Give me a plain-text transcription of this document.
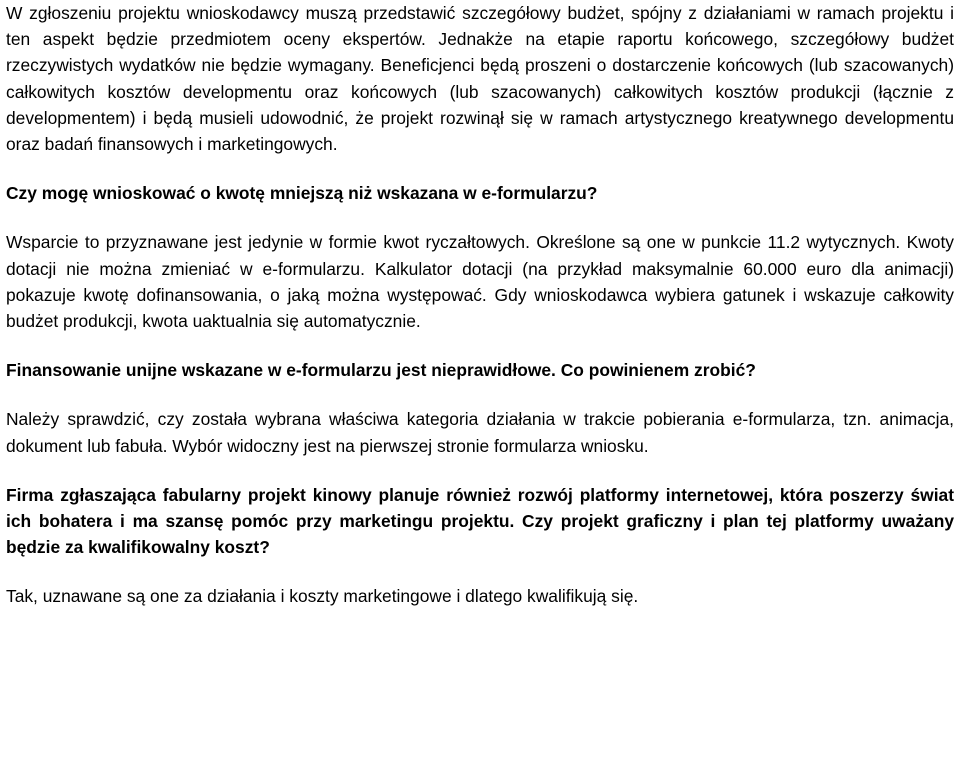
W zgłoszeniu projektu wnioskodawcy muszą przedstawić szczegółowy budżet, spójny z działaniami w ramach projektu i ten aspekt będzie przedmiotem oceny ekspertów. Jednakże na etapie raportu końcowego, szczegółowy budżet rzeczywistych wydatków nie będzie wymagany. Beneficjenci będą proszeni o dostarczenie końcowych (lub szacowanych) całkowitych kosztów developmentu oraz końcowych (lub szacowanych) całkowitych kosztów produkcji (łącznie z developmentem) i będą musieli udowodnić, że projekt rozwinął się w ramach artystycznego kreatywnego developmentu oraz badań finansowych i marketingowych.

Czy mogę wnioskować o kwotę mniejszą niż wskazana w e-formularzu?

Wsparcie to przyznawane jest jedynie w formie kwot ryczałtowych. Określone są one w punkcie 11.2 wytycznych. Kwoty dotacji nie można zmieniać w e-formularzu. Kalkulator dotacji (na przykład maksymalnie 60.000 euro dla animacji) pokazuje kwotę dofinansowania, o jaką można występować. Gdy wnioskodawca wybiera gatunek i wskazuje całkowity budżet produkcji, kwota uaktualnia się automatycznie.

Finansowanie unijne wskazane w e-formularzu jest nieprawidłowe. Co powinienem zrobić?

Należy sprawdzić, czy została wybrana właściwa kategoria działania w trakcie pobierania e-formularza, tzn. animacja, dokument lub fabuła. Wybór widoczny jest na pierwszej stronie formularza wniosku.

Firma zgłaszająca fabularny projekt kinowy planuje również rozwój platformy internetowej, która poszerzy świat ich bohatera i ma szansę pomóc przy marketingu projektu. Czy projekt graficzny i plan tej platformy uważany będzie za kwalifikowalny koszt?

Tak, uznawane są one za działania i koszty marketingowe i dlatego kwalifikują się.
